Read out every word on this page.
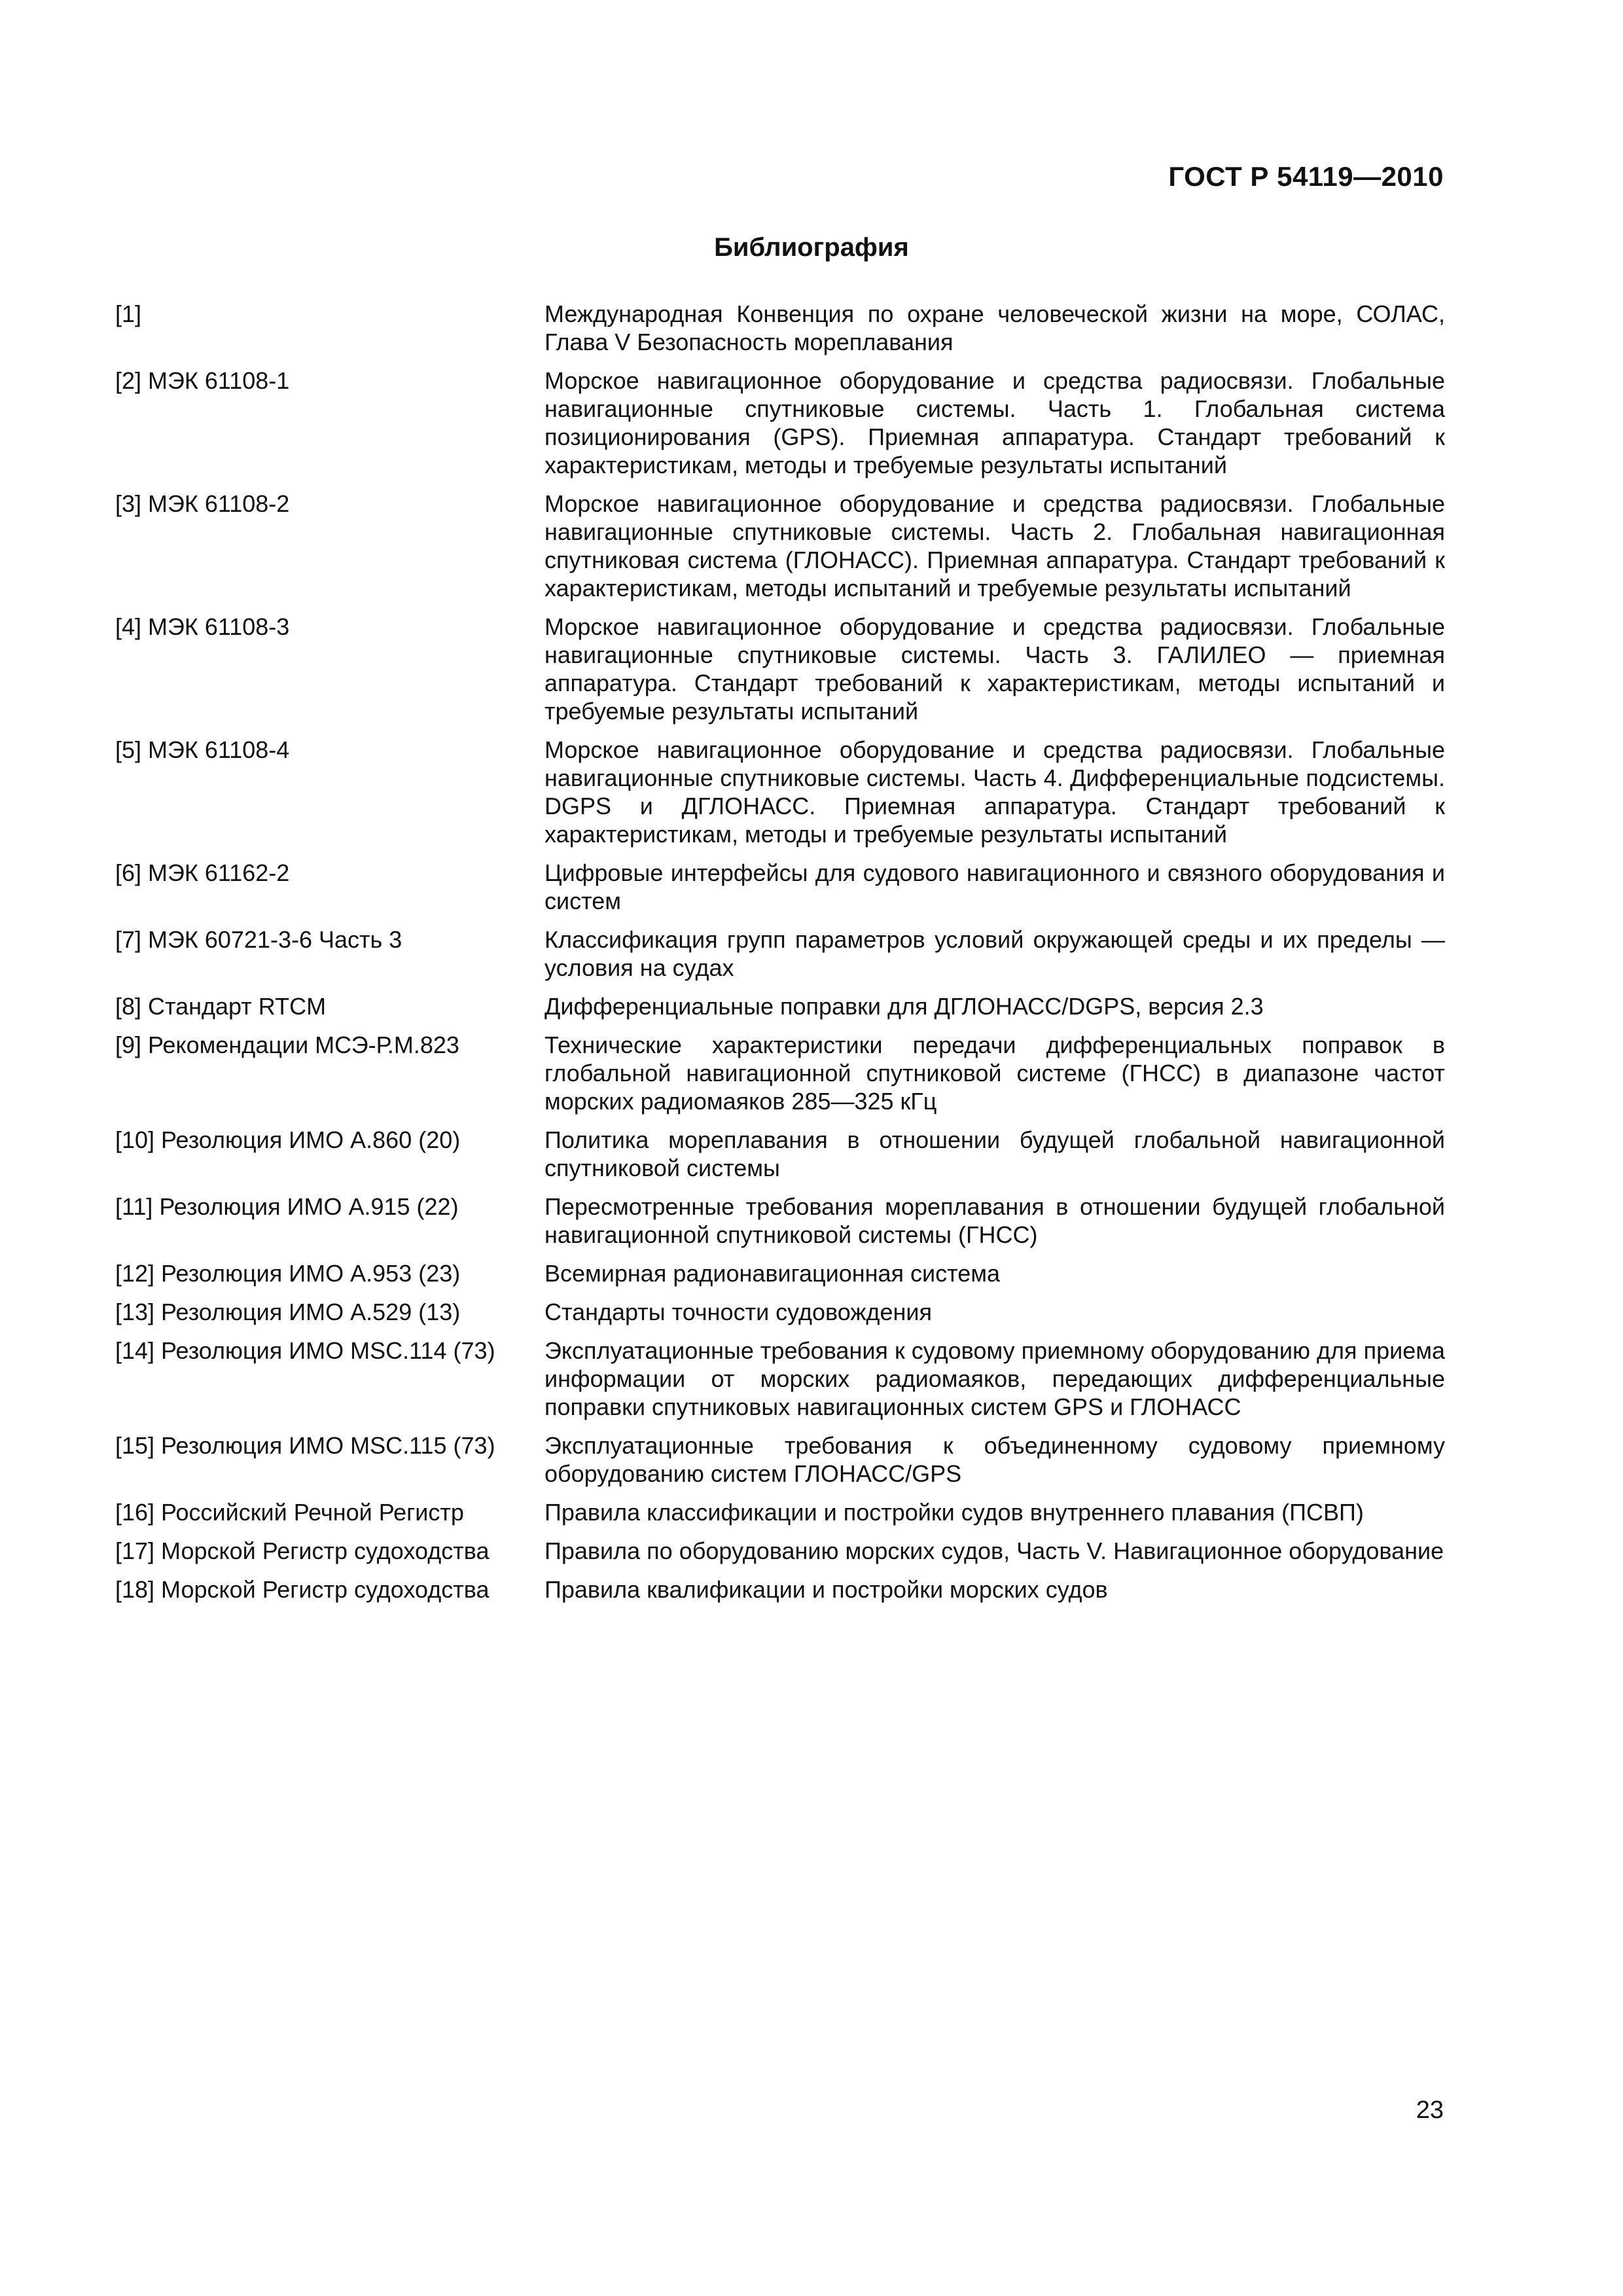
ГОСТ Р 54119—2010
Библиография
[1]	Международная Конвенция по охране человеческой жизни на море, СОЛАС, Глава V Безопасность мореплавания
[2] МЭК 61108-1	Морское навигационное оборудование и средства радиосвязи. Глобальные навигационные спутниковые системы. Часть 1. Глобальная система позиционирования (GPS). Приемная аппаратура. Стандарт требований к характеристикам, методы и требуемые результаты испытаний
[3] МЭК 61108-2	Морское навигационное оборудование и средства радиосвязи. Глобальные навигационные спутниковые системы. Часть 2. Глобальная навигационная спутниковая система (ГЛОНАСС). Приемная аппаратура. Стандарт требований к характеристикам, методы испытаний и требуемые результаты испытаний
[4] МЭК 61108-3	Морское навигационное оборудование и средства радиосвязи. Глобальные навигационные спутниковые системы. Часть 3. ГАЛИЛЕО — приемная аппаратура. Стандарт требований к характеристикам, методы испытаний и требуемые результаты испытаний
[5] МЭК 61108-4	Морское навигационное оборудование и средства радиосвязи. Глобальные навигационные спутниковые системы. Часть 4. Дифференциальные подсистемы. DGPS и ДГЛОНАСС. Приемная аппаратура. Стандарт требований к характеристикам, методы и требуемые результаты испытаний
[6] МЭК 61162-2	Цифровые интерфейсы для судового навигационного и связного оборудования и систем
[7] МЭК 60721-3-6 Часть 3	Классификация групп параметров условий окружающей среды и их пределы — условия на судах
[8] Стандарт RTCM	Дифференциальные поправки для ДГЛОНАСС/DGPS, версия 2.3
[9] Рекомендации МСЭ-Р.М.823	Технические характеристики передачи дифференциальных поправок в глобальной навигационной спутниковой системе (ГНСС) в диапазоне частот морских радиомаяков 285—325 кГц
[10] Резолюция ИМО А.860 (20)	Политика мореплавания в отношении будущей глобальной навигационной спутниковой системы
[11] Резолюция ИМО А.915 (22)	Пересмотренные требования мореплавания в отношении будущей глобальной навигационной спутниковой системы (ГНСС)
[12] Резолюция ИМО А.953 (23)	Всемирная радионавигационная система
[13] Резолюция ИМО А.529 (13)	Стандарты точности судовождения
[14] Резолюция ИМО MSC.114 (73)	Эксплуатационные требования к судовому приемному оборудованию для приема информации от морских радиомаяков, передающих дифференциальные поправки спутниковых навигационных систем GPS и ГЛОНАСС
[15] Резолюция ИМО MSC.115 (73)	Эксплуатационные требования к объединенному судовому приемному оборудованию систем ГЛОНАСС/GPS
[16] Российский Речной Регистр	Правила классификации и постройки судов внутреннего плавания (ПСВП)
[17] Морской Регистр судоходства	Правила по оборудованию морских судов, Часть V. Навигационное оборудование
[18] Морской Регистр судоходства	Правила квалификации и постройки морских судов
23
